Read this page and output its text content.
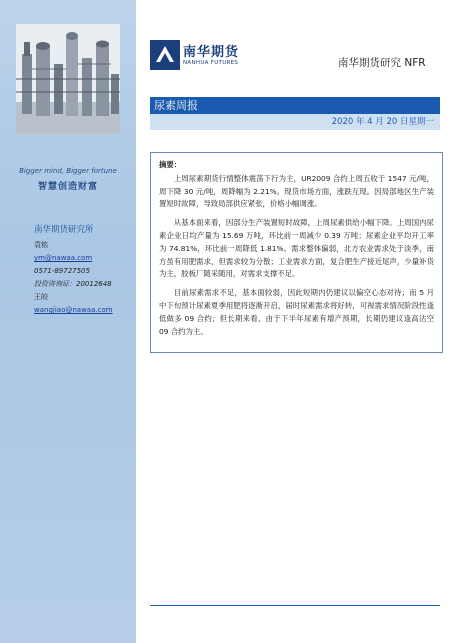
Bigger mind, Bigger fortune
智慧创造财富
南华期货研究所
袁铭
ym@nawaa.com
0571-89727505
投资咨询证：20012648
王皎
wangjiao@nawaa.com
南华期货
NANHUA FUTURES	南华期货研究 NFR
尿素周报
2020 年 4 月 20 日星期一
摘要：

上周尿素期货行情整体震荡下行为主，UR2009 合约上周五收于 1547 元/吨，周下降 30 元/吨，周降幅为 2.21%。现货市场方面，涨跌互现。因局部地区生产装置短时故障，导致局部供应紧张，价格小幅调涨。

从基本面来看，因部分生产装置短时故障，上周尿素供给小幅下降。上周国内尿素企业日均产量为 15.69 万吨，环比前一周减少 0.39 万吨；尿素企业平均开工率为 74.81%，环比前一周降低 1.81%。需求整体偏弱，北方农业需求处于淡季，南方虽有用肥需求，但需求较为分散；工业需求方面，复合肥生产接近尾声，少量补货为主，胶板厂随采随用，对需求支撑不足。

目前尿素需求不足，基本面较弱，因此短期内仍建议以偏空心态对待；而 5 月中下旬预计尿素夏季用肥将逐渐开启，届时尿素需求将好转，可视需求情况阶段性逢低做多 09 合约；但长期来看，由于下半年尿素有增产预期，长期仍建议逢高沽空 09 合约为主。
